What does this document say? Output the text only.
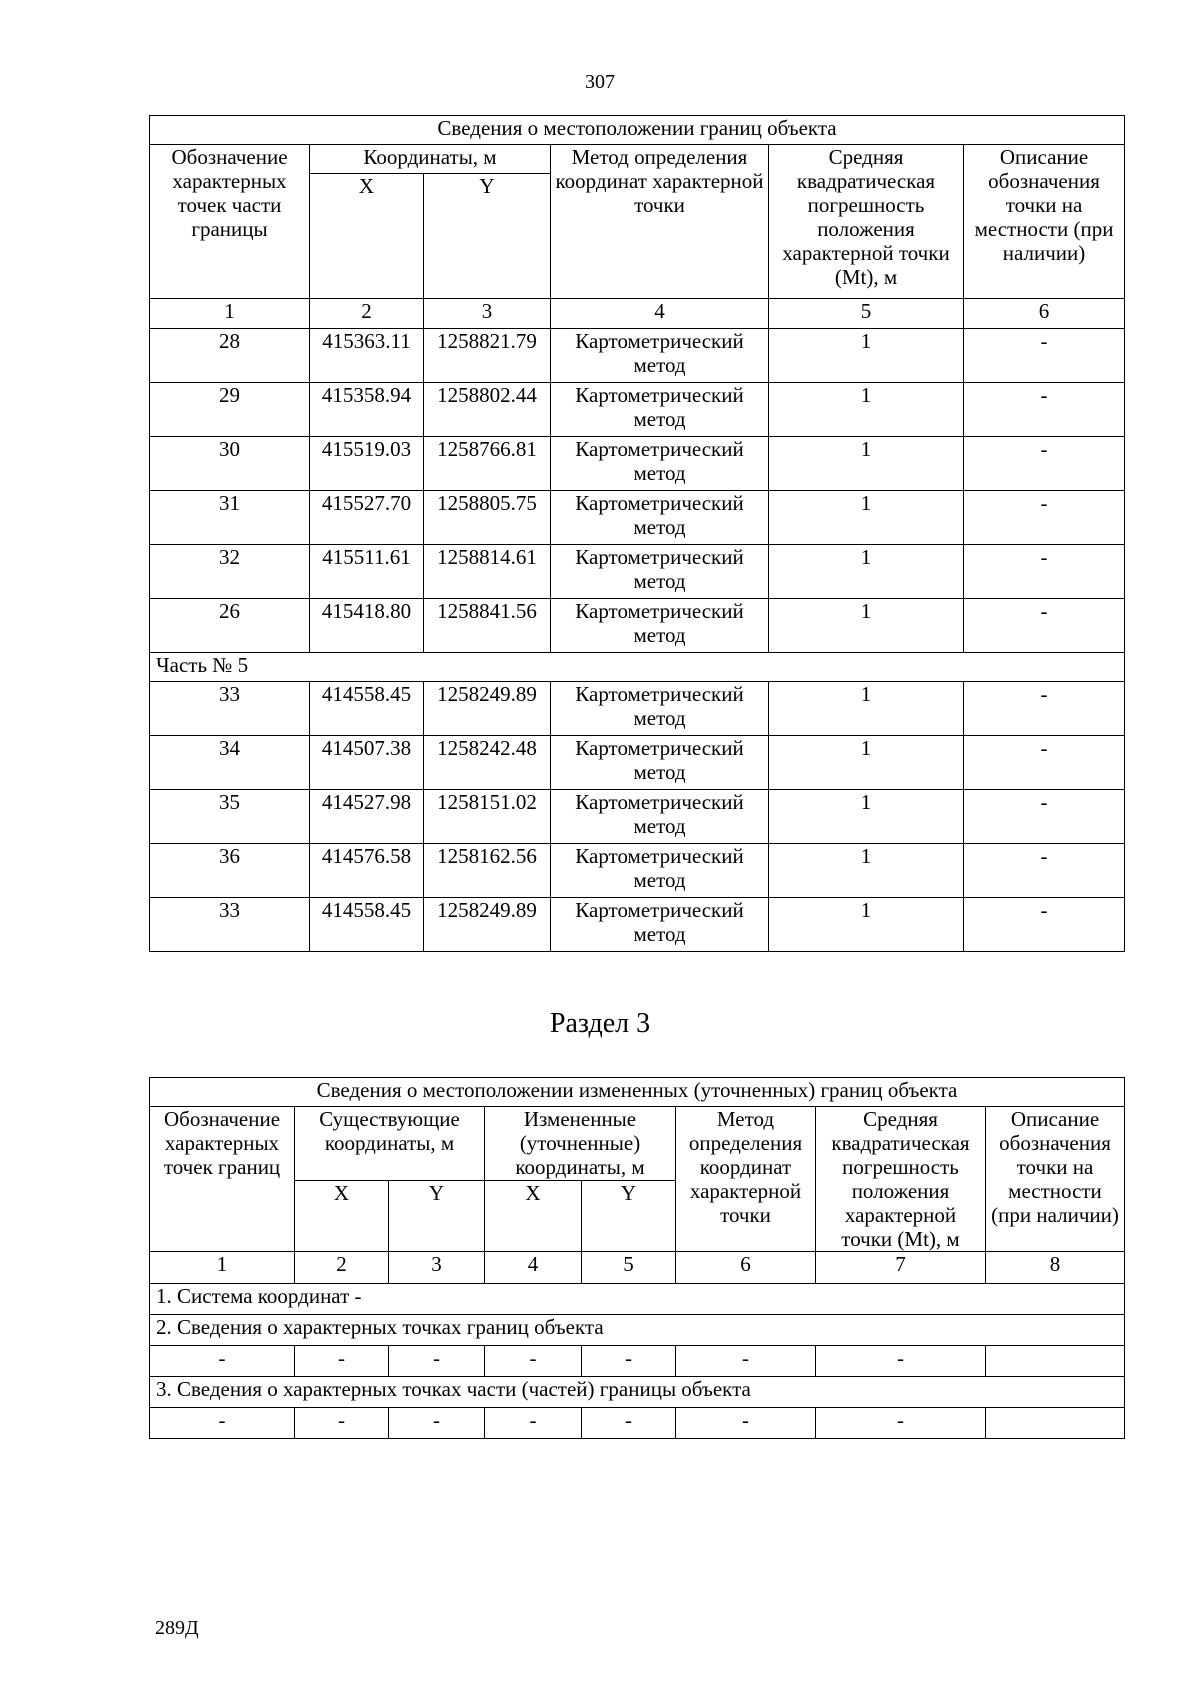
307
Сведения о местоположении границ объекта					
Обозначение характерных точек части границы	Координаты, м		Метод определения координат характерной точки	Средняя квадратическая погрешность положения характерной точки (Mt), м	Описание обозначения точки на местности (при наличии)
	X	Y			
1	2	3	4	5	6
28	415363.11	1258821.79	Картометрический метод	1	-
29	415358.94	1258802.44	Картометрический метод	1	-
30	415519.03	1258766.81	Картометрический метод	1	-
31	415527.70	1258805.75	Картометрический метод	1	-
32	415511.61	1258814.61	Картометрический метод	1	-
26	415418.80	1258841.56	Картометрический метод	1	-
Часть № 5					
33	414558.45	1258249.89	Картометрический метод	1	-
34	414507.38	1258242.48	Картометрический метод	1	-
35	414527.98	1258151.02	Картометрический метод	1	-
36	414576.58	1258162.56	Картометрический метод	1	-
33	414558.45	1258249.89	Картометрический метод	1	-
Раздел 3
Сведения о местоположении измененных (уточненных) границ объекта							
Обозначение характерных точек границ	Существующие координаты, м		Измененные (уточненные) координаты, м		Метод определения координат характерной точки	Средняя квадратическая погрешность положения характерной точки (Mt), м	Описание обозначения точки на местности (при наличии)
	X	Y	X	Y			
1	2	3	4	5	6	7	8
1. Система координат -							
2. Сведения о характерных точках границ объекта							
-	-	-	-	-	-	-	
3. Сведения о характерных точках части (частей) границы объекта							
-	-	-	-	-	-	-	
289Д
